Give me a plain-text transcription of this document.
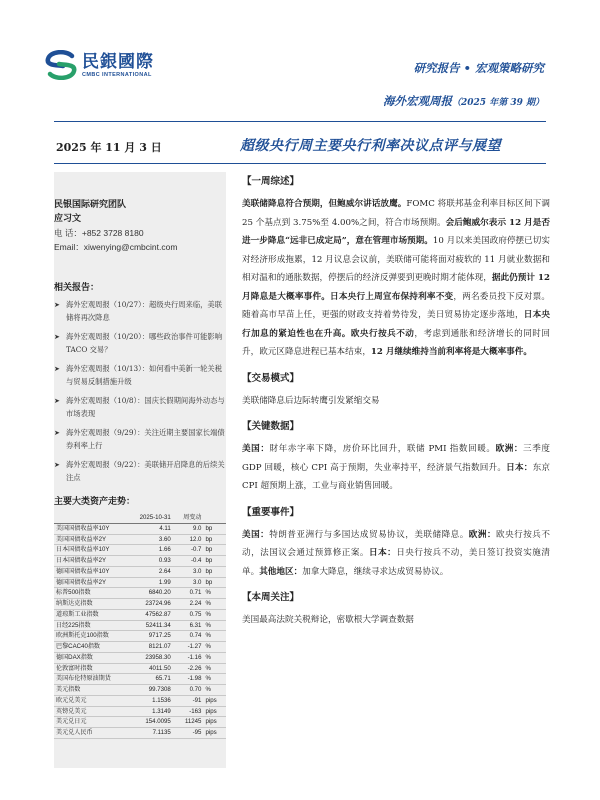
民銀國際
CMBC INTERNATIONAL	研究报告 • 宏观策略研究
海外宏观周报（2025 年第 39 期）
2025 年 11 月 3 日	超级央行周主要央行利率决议点评与展望
民银国际研究团队
应习文
电 话：+852 3728 8180
Email：xiwenying@cmbcint.com
相关报告：
➤ 海外宏观周报（10/27）：超级央行周来临，美联储将再次降息
➤ 海外宏观周报（10/20）：哪些政治事件可能影响 TACO 交易？
➤ 海外宏观周报（10/13）：如何看中美新一轮关税与贸易反制措施升级
➤ 海外宏观周报（10/8）：国庆长假期间海外动态与市场表现
➤ 海外宏观周报（9/29）：关注近期主要国家长端债券利率上行
➤ 海外宏观周报（9/22）：美联储开启降息的后续关注点
主要大类资产走势：
	2025-10-31	周变动	
美国国债收益率10Y	4.11	9.0	bp
美国国债收益率2Y	3.60	12.0	bp
日本国债收益率10Y	1.66	-0.7	bp
日本国债收益率2Y	0.93	-0.4	bp
德国国债收益率10Y	2.64	3.0	bp
德国国债收益率2Y	1.99	3.0	bp
标普500指数	6840.20	0.71	%
纳斯达克指数	23724.96	2.24	%
道琼斯工业指数	47562.87	0.75	%
日经225指数	52411.34	6.31	%
欧洲斯托克100指数	9717.25	0.74	%
巴黎CAC40指数	8121.07	-1.27	%
德国DAX指数	23958.30	-1.16	%
伦敦富时指数	4011.50	-2.26	%
美国布伦特原油期货	65.71	-1.98	%
美元指数	99.7308	0.70	%
欧元兑美元	1.1536	-91	pips
英镑兑美元	1.3149	-163	pips
美元兑日元	154.0095	11245	pips
美元兑人民币	7.1135	-95	pips
【一周综述】

美联储降息符合预期，但鲍威尔讲话放鹰。FOMC 将联邦基金利率目标区间下调 25 个基点到 3.75%至 4.00%之间，符合市场预期。会后鲍威尔表示 12 月是否进一步降息“远非已成定局”，意在管理市场预期。10 月以来美国政府停摆已切实对经济形成拖累，12 月议息会议前，美联储可能将面对疲软的 11 月就业数据和相对温和的通胀数据，停摆后的经济反弹要到更晚时期才能体现，据此仍预计 12 月降息是大概率事件。日本央行上周宣布保持利率不变，两名委员投下反对票。随着高市早苗上任，更强的财政支持着势待发，美日贸易协定逐步落地，日本央行加息的紧迫性也在升高。欧央行按兵不动，考虑到通胀和经济增长的同时回升，欧元区降息进程已基本结束，12 月继续维持当前利率将是大概率事件。

【交易模式】

美联储降息后边际转鹰引发紧缩交易

【关键数据】

美国：財年赤字率下降，房价环比回升，联储 PMI 指数回暖。欧洲：三季度 GDP 回暖，核心 CPI 高于预期，失业率持平，经济景气指数回升。日本：东京 CPI 超预期上涨，工业与商业销售回暖。

【重要事件】

美国：特朗普亚洲行与多国达成贸易协议，美联储降息。欧洲：欧央行按兵不动，法国议会通过预算修正案。日本：日央行按兵不动，美日签订投资实施清单。其他地区：加拿大降息，继续寻求达成贸易协议。

【本周关注】

美国最高法院关税辩论，密歇根大学调查数据
